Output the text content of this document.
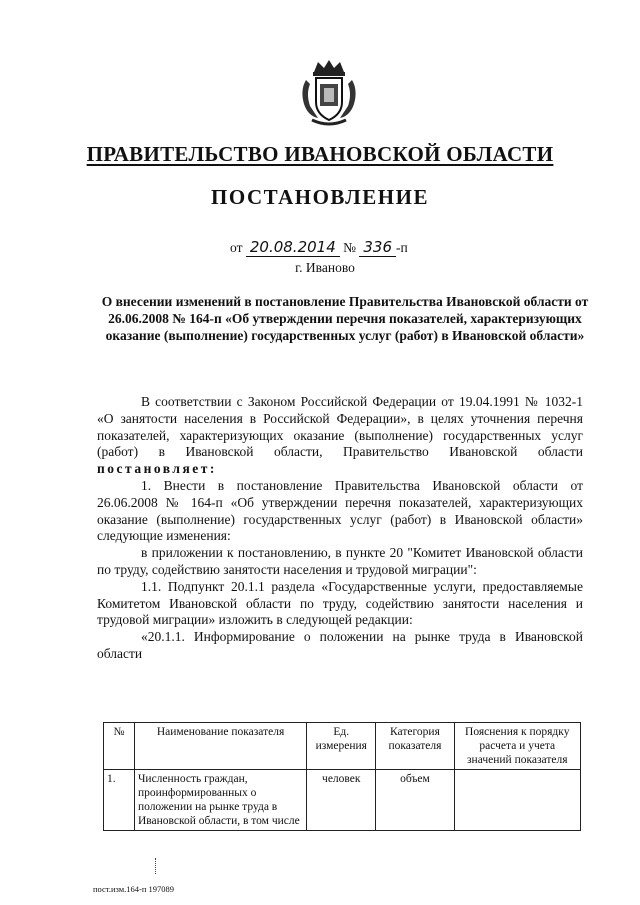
ПРАВИТЕЛЬСТВО ИВАНОВСКОЙ ОБЛАСТИ
ПОСТАНОВЛЕНИЕ
от 20.08.2014 № 336 -п
г. Иваново
О внесении изменений в постановление Правительства Ивановской области от 26.06.2008 № 164-п «Об утверждении перечня показателей, характеризующих оказание (выполнение) государственных услуг (работ) в Ивановской области»

В соответствии с Законом Российской Федерации от 19.04.1991 № 1032-1 «О занятости населения в Российской Федерации», в целях уточнения перечня показателей, характеризующих оказание (выполнение) государственных услуг (работ) в Ивановской области, Правительство Ивановской области постановляет:

1. Внести в постановление Правительства Ивановской области от 26.06.2008 № 164-п «Об утверждении перечня показателей, характеризующих оказание (выполнение) государственных услуг (работ) в Ивановской области» следующие изменения:

в приложении к постановлению, в пункте 20 "Комитет Ивановской области по труду, содействию занятости населения и трудовой миграции":

1.1. Подпункт 20.1.1 раздела «Государственные услуги, предоставляемые Комитетом Ивановской области по труду, содействию занятости населения и трудовой миграции» изложить в следующей редакции:

«20.1.1. Информирование о положении на рынке труда в Ивановской области

№	Наименование показателя	Ед. измерения	Категория показателя	Пояснения к порядку расчета и учета значений показателя
1.	Численность граждан, проинформированных о положении на рынке труда в Ивановской области, в том числе	человек	объем	
пост.изм.164-п 197089
